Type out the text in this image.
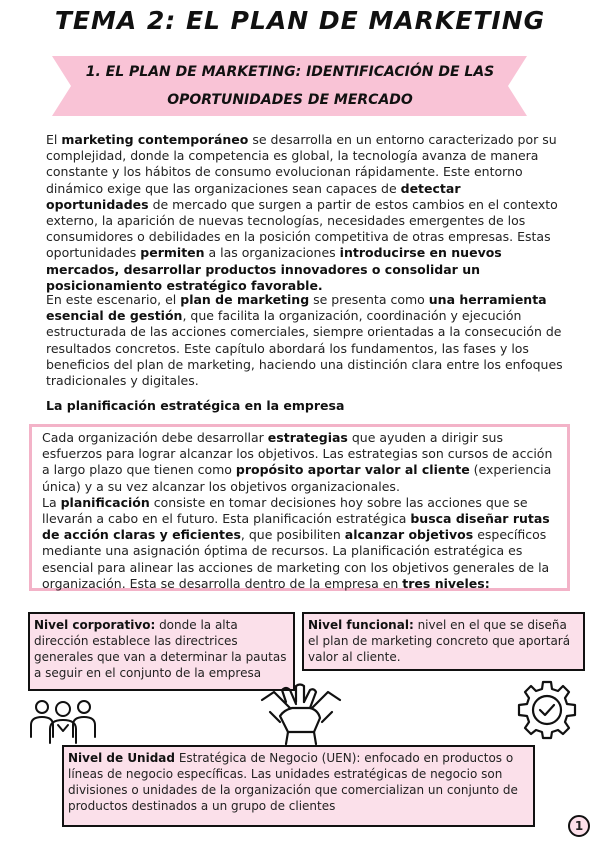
TEMA 2: EL PLAN DE MARKETING
1. EL PLAN DE MARKETING: IDENTIFICACIÓN DE LAS
OPORTUNIDADES DE MERCADO
El marketing contemporáneo se desarrolla en un entorno caracterizado por su complejidad, donde la competencia es global, la tecnología avanza de manera constante y los hábitos de consumo evolucionan rápidamente. Este entorno dinámico exige que las organizaciones sean capaces de detectar oportunidades de mercado que surgen a partir de estos cambios en el contexto externo, la aparición de nuevas tecnologías, necesidades emergentes de los consumidores o debilidades en la posición competitiva de otras empresas. Estas oportunidades permiten a las organizaciones introducirse en nuevos mercados, desarrollar productos innovadores o consolidar un posicionamiento estratégico favorable.
En este escenario, el plan de marketing se presenta como una herramienta esencial de gestión, que facilita la organización, coordinación y ejecución estructurada de las acciones comerciales, siempre orientadas a la consecución de resultados concretos. Este capítulo abordará los fundamentos, las fases y los beneficios del plan de marketing, haciendo una distinción clara entre los enfoques tradicionales y digitales.
La planificación estratégica en la empresa
Cada organización debe desarrollar estrategias que ayuden a dirigir sus esfuerzos para lograr alcanzar los objetivos. Las estrategias son cursos de acción a largo plazo que tienen como propósito aportar valor al cliente (experiencia única) y a su vez alcanzar los objetivos organizacionales.
La planificación consiste en tomar decisiones hoy sobre las acciones que se llevarán a cabo en el futuro. Esta planificación estratégica busca diseñar rutas de acción claras y eficientes, que posibiliten alcanzar objetivos específicos mediante una asignación óptima de recursos. La planificación estratégica es esencial para alinear las acciones de marketing con los objetivos generales de la organización. Esta se desarrolla dentro de la empresa en tres niveles:
Nivel corporativo: donde la alta dirección establece las directrices generales que van a determinar la pautas a seguir en el conjunto de la empresa
Nivel funcional: nivel en el que se diseña el plan de marketing concreto que aportará valor al cliente.
Nivel de Unidad Estratégica de Negocio (UEN): enfocado en productos o líneas de negocio específicas. Las unidades estratégicas de negocio son divisiones o unidades de la organización que comercializan un conjunto de productos destinados a un grupo de clientes
1
